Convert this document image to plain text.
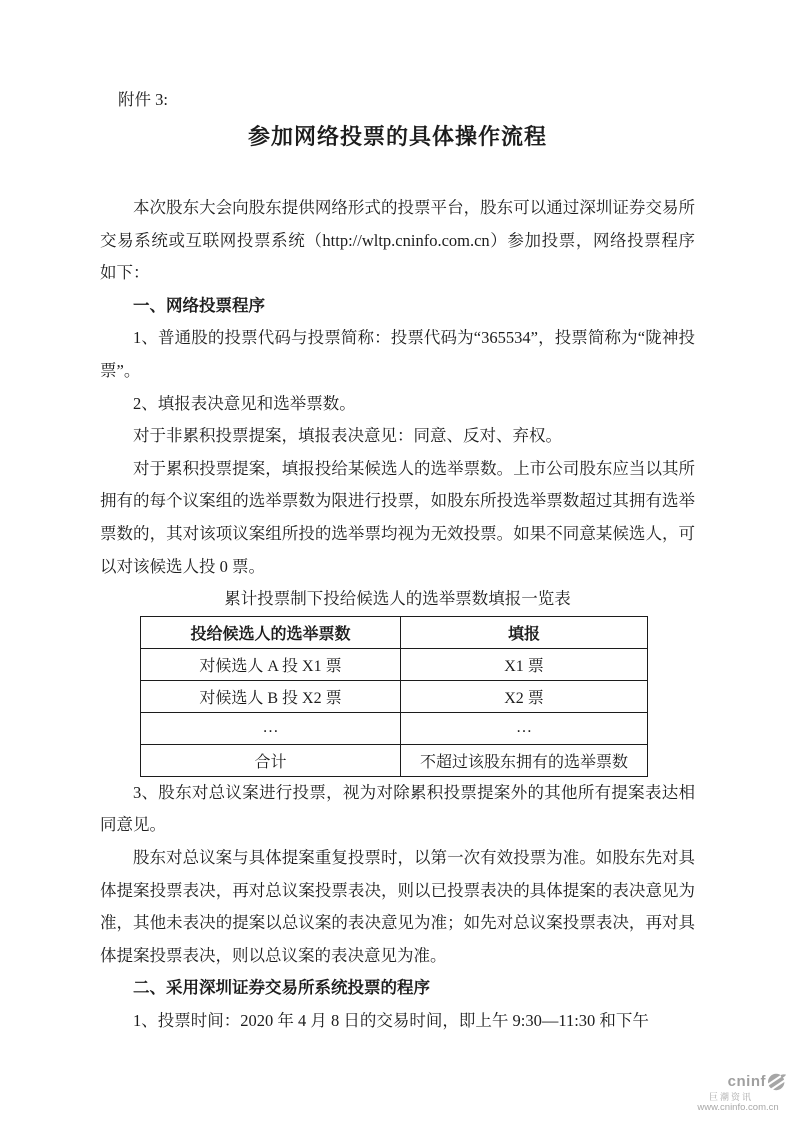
附件 3:
参加网络投票的具体操作流程

本次股东大会向股东提供网络形式的投票平台，股东可以通过深圳证券交易所交易系统或互联网投票系统（http://wltp.cninfo.com.cn）参加投票，网络投票程序如下：

一、网络投票程序

1、普通股的投票代码与投票简称：投票代码为“365534”，投票简称为“陇神投票”。

2、填报表决意见和选举票数。

对于非累积投票提案，填报表决意见：同意、反对、弃权。

对于累积投票提案，填报投给某候选人的选举票数。上市公司股东应当以其所拥有的每个议案组的选举票数为限进行投票，如股东所投选举票数超过其拥有选举票数的，其对该项议案组所投的选举票均视为无效投票。如果不同意某候选人，可以对该候选人投 0 票。

累计投票制下投给候选人的选举票数填报一览表

投给候选人的选举票数	填报
对候选人 A 投 X1 票	X1 票
对候选人 B 投 X2 票	X2 票
…	…
合计	不超过该股东拥有的选举票数

3、股东对总议案进行投票，视为对除累积投票提案外的其他所有提案表达相同意见。

股东对总议案与具体提案重复投票时，以第一次有效投票为准。如股东先对具体提案投票表决，再对总议案投票表决，则以已投票表决的具体提案的表决意见为准，其他未表决的提案以总议案的表决意见为准；如先对总议案投票表决，再对具体提案投票表决，则以总议案的表决意见为准。

二、采用深圳证券交易所系统投票的程序

1、投票时间：2020 年 4 月 8 日的交易时间，即上午 9:30—11:30 和下午

cninf
巨潮资讯
www.cninfo.com.cn
